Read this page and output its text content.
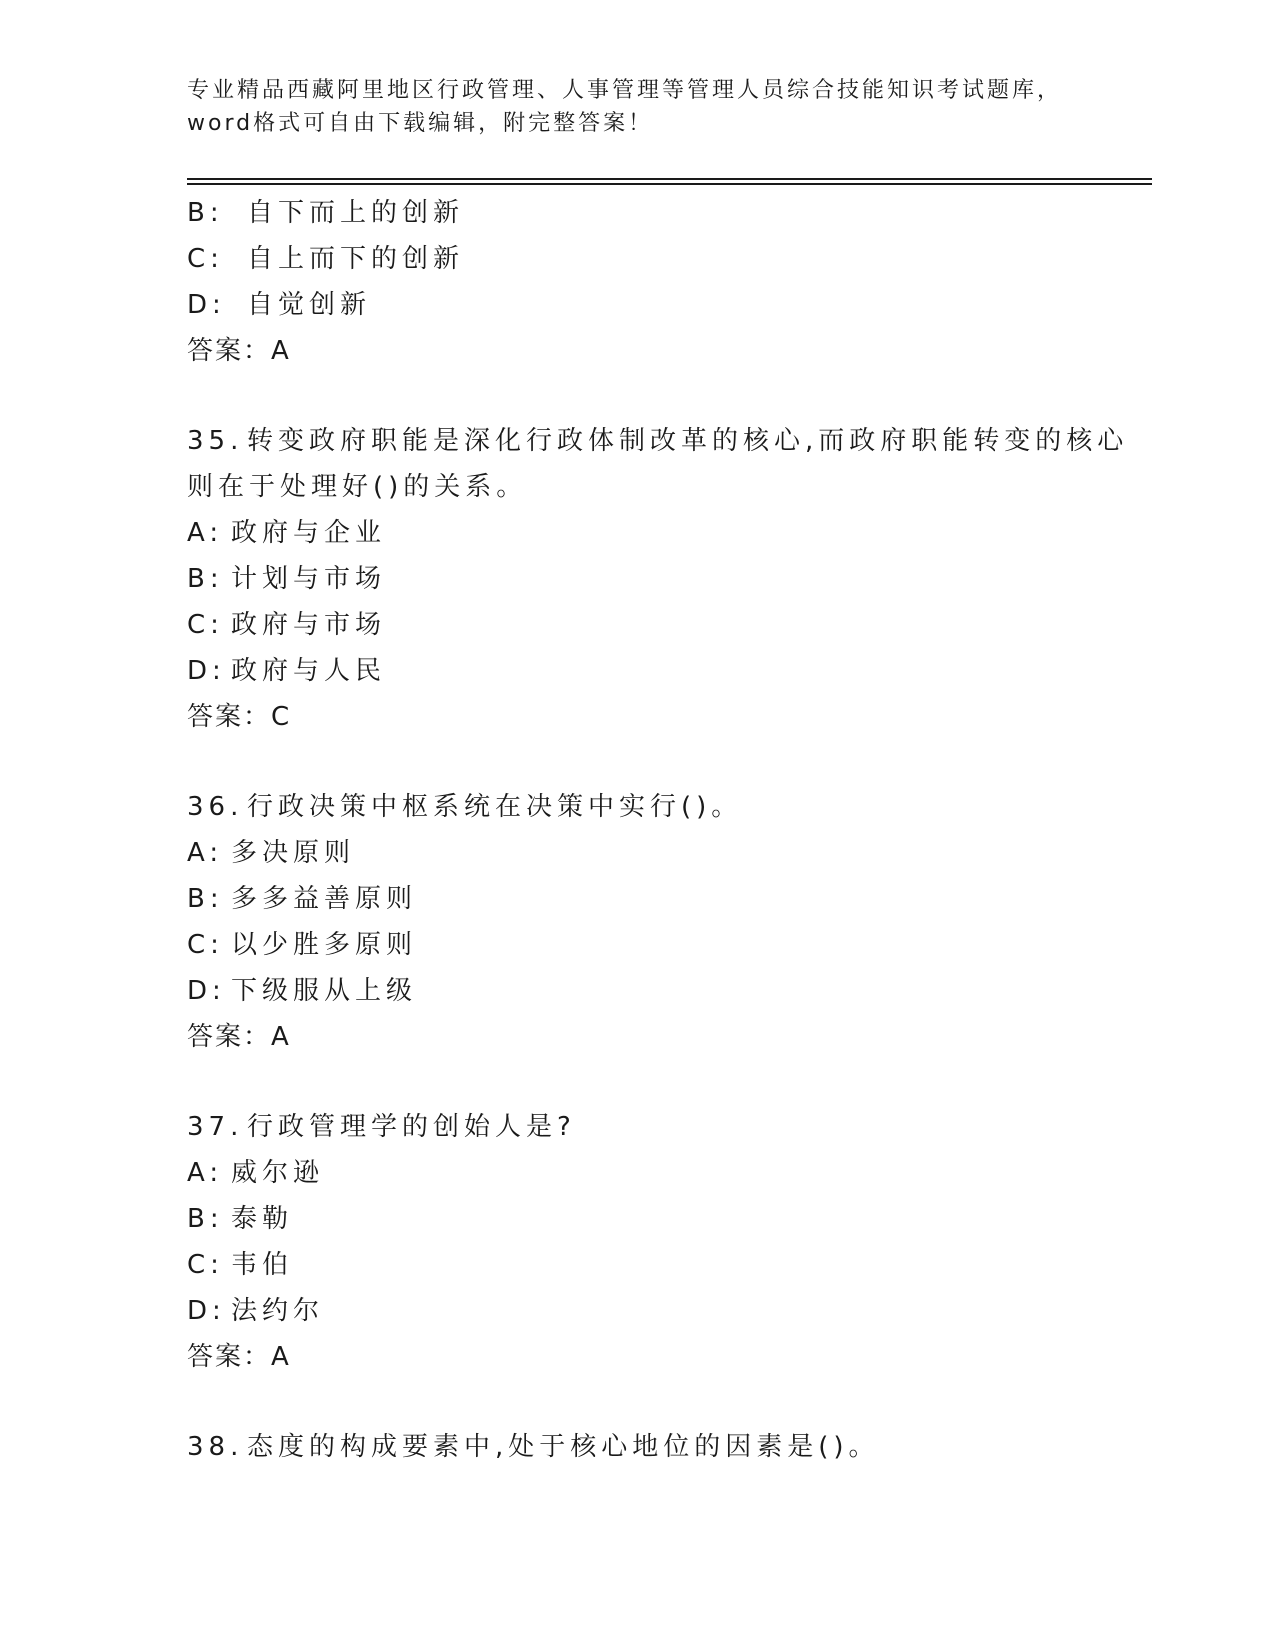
专业精品西藏阿里地区行政管理、人事管理等管理人员综合技能知识考试题库，
word格式可自由下载编辑，附完整答案！
B: 自下而上的创新
C: 自上而下的创新
D: 自觉创新
答案：A
35. 转变政府职能是深化行政体制改革的核心,而政府职能转变的核心
则在于处理好()的关系。
A: 政府与企业
B: 计划与市场
C: 政府与市场
D: 政府与人民
答案：C
36. 行政决策中枢系统在决策中实行()。
A: 多决原则
B: 多多益善原则
C: 以少胜多原则
D: 下级服从上级
答案：A
37. 行政管理学的创始人是?
A: 威尔逊
B: 泰勒
C: 韦伯
D: 法约尔
答案：A
38. 态度的构成要素中,处于核心地位的因素是()。
